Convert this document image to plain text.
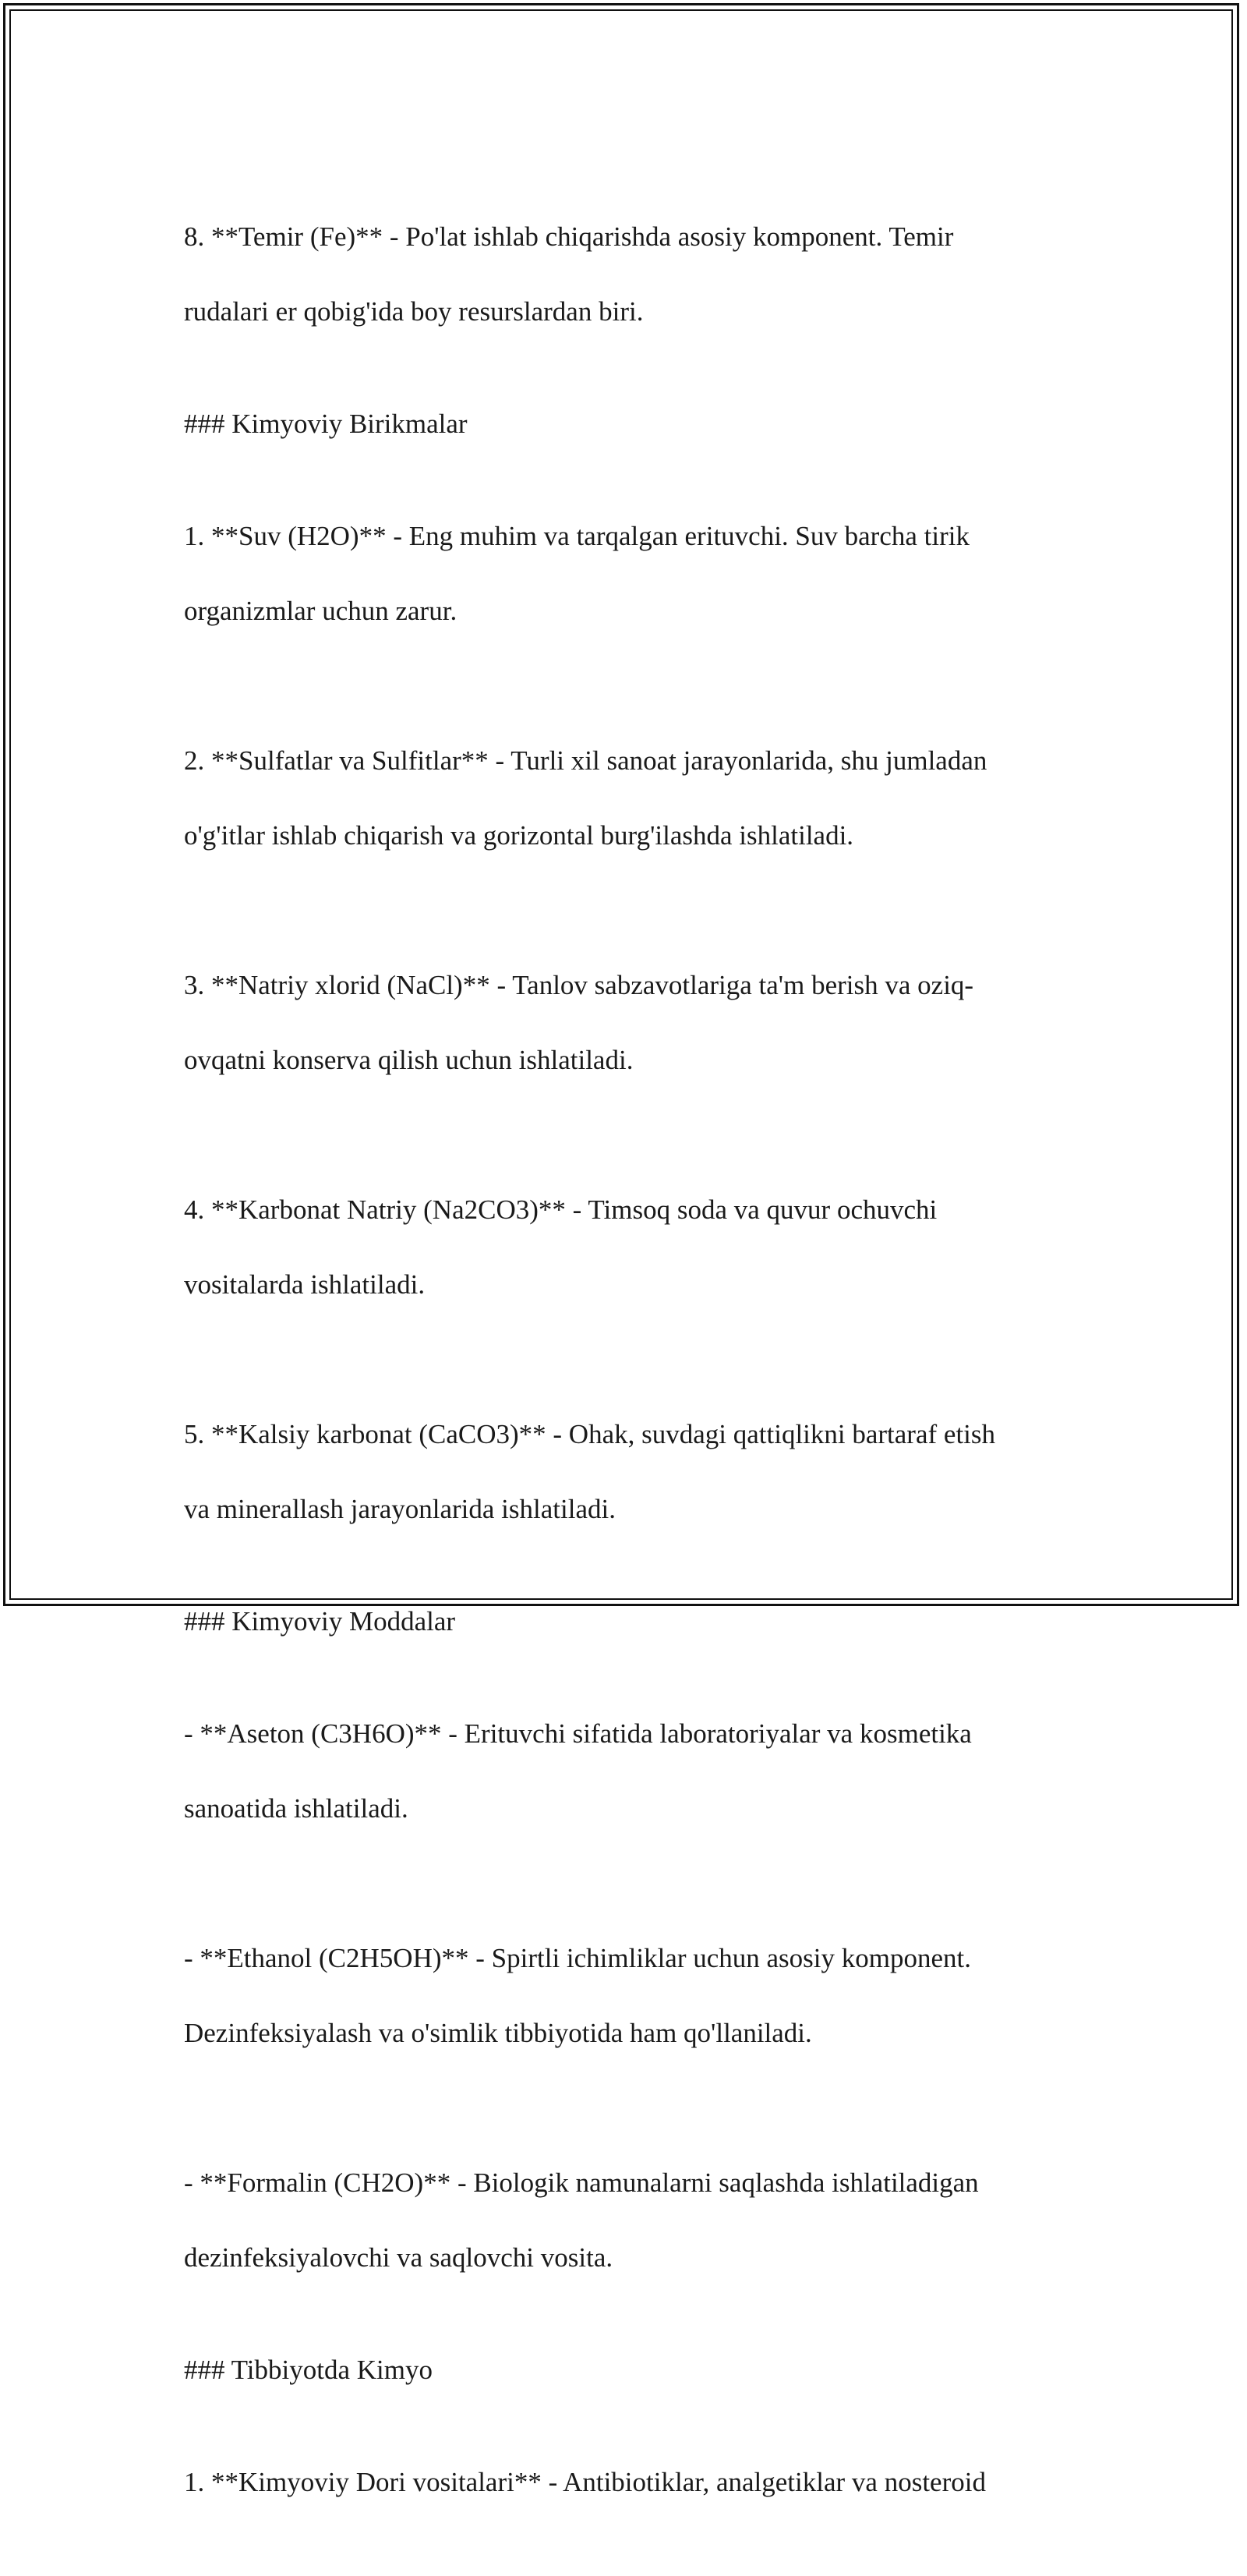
8. **Temir (Fe)** - Po'lat ishlab chiqarishda asosiy komponent. Temir

rudalari er qobig'ida boy resurslardan biri.

### Kimyoviy Birikmalar

1. **Suv (H2O)** - Eng muhim va tarqalgan erituvchi. Suv barcha tirik

organizmlar uchun zarur.

2. **Sulfatlar va Sulfitlar** - Turli xil sanoat jarayonlarida, shu jumladan

o'g'itlar ishlab chiqarish va gorizontal burg'ilashda ishlatiladi.

3. **Natriy xlorid (NaCl)** - Tanlov sabzavotlariga ta'm berish va oziq-

ovqatni konserva qilish uchun ishlatiladi.

4. **Karbonat Natriy (Na2CO3)** - Timsoq soda va quvur ochuvchi

vositalarda ishlatiladi.

5. **Kalsiy karbonat (CaCO3)** - Ohak, suvdagi qattiqlikni bartaraf etish

va minerallash jarayonlarida ishlatiladi.

### Kimyoviy Moddalar

- **Aseton (C3H6O)** - Erituvchi sifatida laboratoriyalar va kosmetika

sanoatida ishlatiladi.

- **Ethanol (C2H5OH)** - Spirtli ichimliklar uchun asosiy komponent.

Dezinfeksiyalash va o'simlik tibbiyotida ham qo'llaniladi.

- **Formalin (CH2O)** - Biologik namunalarni saqlashda ishlatiladigan

dezinfeksiyalovchi va saqlovchi vosita.

### Tibbiyotda Kimyo

1. **Kimyoviy Dori vositalari** - Antibiotiklar, analgetiklar va nosteroid
